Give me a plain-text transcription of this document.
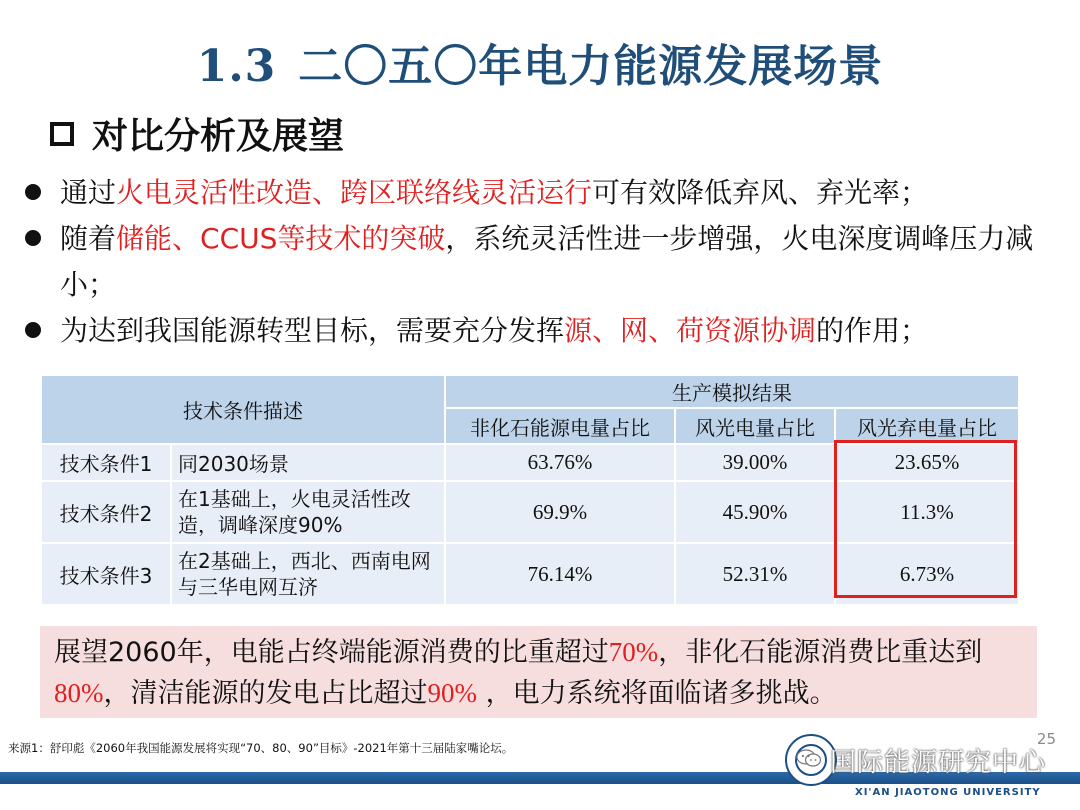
1.3 二〇五〇年电力能源发展场景
对比分析及展望
通过火电灵活性改造、跨区联络线灵活运行可有效降低弃风、弃光率；
随着储能、CCUS等技术的突破，系统灵活性进一步增强，火电深度调峰压力减小；
为达到我国能源转型目标，需要充分发挥源、网、荷资源协调的作用；
技术条件描述		生产模拟结果		
		非化石能源电量占比	风光电量占比	风光弃电量占比
技术条件1	同2030场景	63.76%	39.00%	23.65%
技术条件2	在1基础上，火电灵活性改造，调峰深度90%	69.9%	45.90%	11.3%
技术条件3	在2基础上，西北、西南电网与三华电网互济	76.14%	52.31%	6.73%
展望2060年，电能占终端能源消费的比重超过70%，非化石能源消费比重达到80%，清洁能源的发电占比超过90% ，电力系统将面临诸多挑战。
25
来源1：舒印彪《2060年我国能源发展将实现“70、80、90”目标》-2021年第十三届陆家嘴论坛。	国际能源研究中心
XI'AN JIAOTONG UNIVERSITY
